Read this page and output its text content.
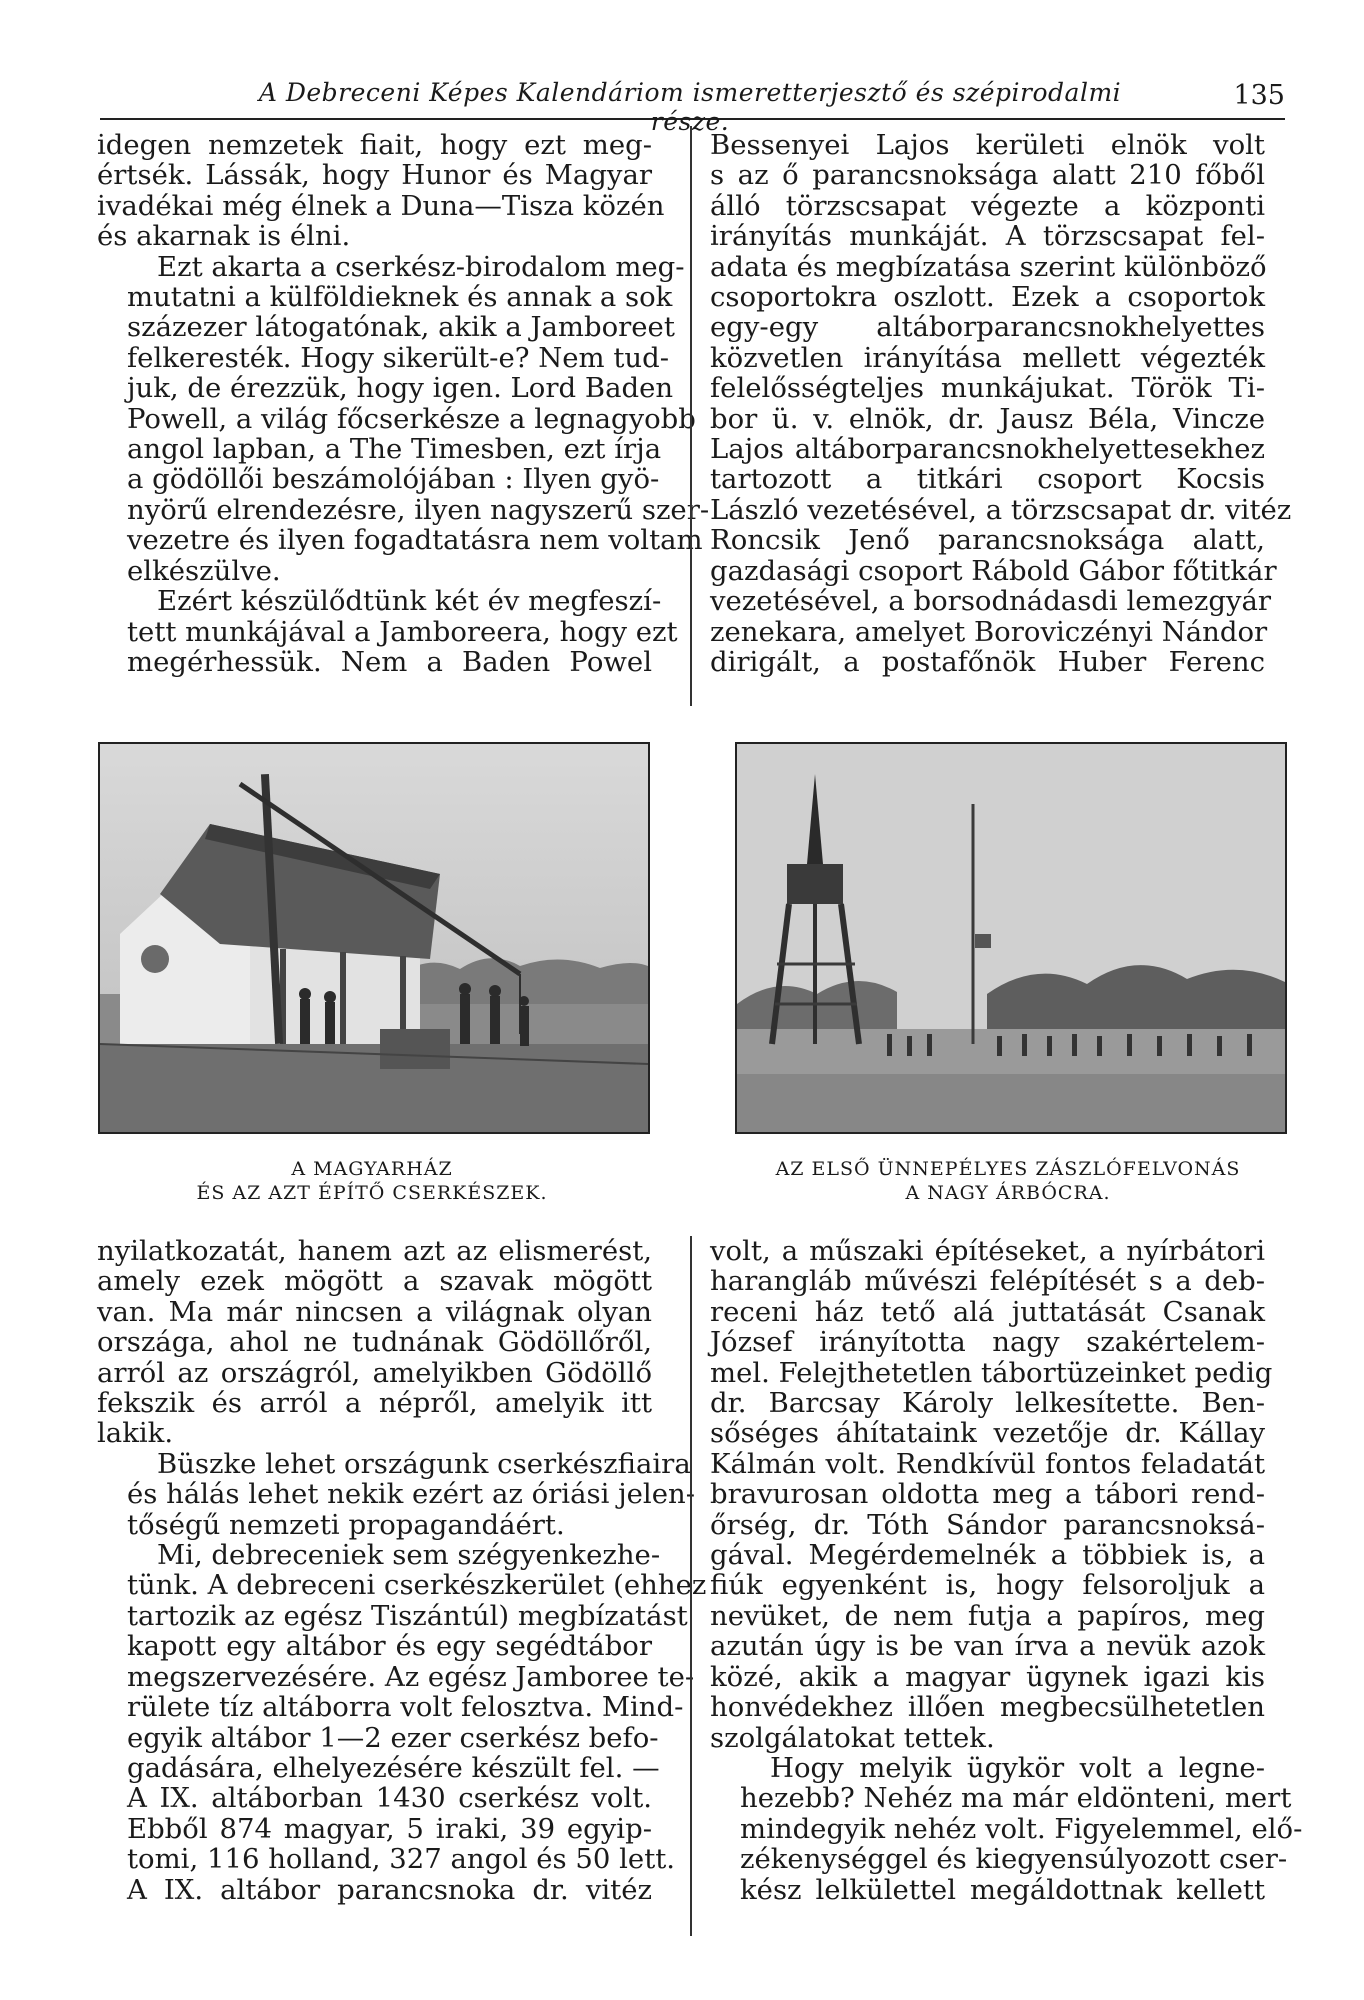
A Debreceni Képes Kalendáriom ismeretterjesztő és szépirodalmi része.
135

idegen nemzetek fiait, hogy ezt meg-
értsék. Lássák, hogy Hunor és Magyar
ivadékai még élnek a Duna—Tisza közén
és akarnak is élni.

Ezt akarta a cserkész-birodalom meg-
mutatni a külföldieknek és annak a sok
százezer látogatónak, akik a Jamboreet
felkeresték. Hogy sikerült-e? Nem tud-
juk, de érezzük, hogy igen. Lord Baden
Powell, a világ főcserkésze a legnagyobb
angol lapban, a The Timesben, ezt írja
a gödöllői beszámolójában : Ilyen gyö-
nyörű elrendezésre, ilyen nagyszerű szer-
vezetre és ilyen fogadtatásra nem voltam
elkészülve.

Ezért készülődtünk két év megfeszí-
tett munkájával a Jamboreera, hogy ezt
megérhessük. Nem a Baden Powel

Bessenyei Lajos kerületi elnök volt
s az ő parancsnoksága alatt 210 főből
álló törzscsapat végezte a központi
irányítás munkáját. A törzscsapat fel-
adata és megbízatása szerint különböző
csoportokra oszlott. Ezek a csoportok
egy-egy altáborparancsnokhelyettes
közvetlen irányítása mellett végezték
felelősségteljes munkájukat. Török Ti-
bor ü. v. elnök, dr. Jausz Béla, Vincze
Lajos altáborparancsnokhelyettesekhez
tartozott a titkári csoport Kocsis
László vezetésével, a törzscsapat dr. vitéz
Roncsik Jenő parancsnoksága alatt,
gazdasági csoport Rábold Gábor főtitkár
vezetésével, a borsodnádasdi lemezgyár
zenekara, amelyet Boroviczényi Nándor
dirigált, a postafőnök Huber Ferenc

A MAGYARHÁZ
ÉS AZ AZT ÉPÍTŐ CSERKÉSZEK.
AZ ELSŐ ÜNNEPÉLYES ZÁSZLÓFELVONÁS
A NAGY ÁRBÓCRA.

nyilatkozatát, hanem azt az elismerést,
amely ezek mögött a szavak mögött
van. Ma már nincsen a világnak olyan
országa, ahol ne tudnának Gödöllőről,
arról az országról, amelyikben Gödöllő
fekszik és arról a népről, amelyik itt
lakik.

Büszke lehet országunk cserkészfiaira
és hálás lehet nekik ezért az óriási jelen-
tőségű nemzeti propagandáért.

Mi, debreceniek sem szégyenkezhe-
tünk. A debreceni cserkészkerület (ehhez
tartozik az egész Tiszántúl) megbízatást
kapott egy altábor és egy segédtábor
megszervezésére. Az egész Jamboree te-
rülete tíz altáborra volt felosztva. Mind-
egyik altábor 1—2 ezer cserkész befo-
gadására, elhelyezésére készült fel. —
A IX. altáborban 1430 cserkész volt.
Ebből 874 magyar, 5 iraki, 39 egyip-
tomi, 116 holland, 327 angol és 50 lett.
A IX. altábor parancsnoka dr. vitéz

volt, a műszaki építéseket, a nyírbátori
harangláb művészi felépítését s a deb-
receni ház tető alá juttatását Csanak
József irányította nagy szakértelem-
mel. Felejthetetlen tábortüzeinket pedig
dr. Barcsay Károly lelkesítette. Ben-
sőséges áhítataink vezetője dr. Kállay
Kálmán volt. Rendkívül fontos feladatát
bravurosan oldotta meg a tábori rend-
őrség, dr. Tóth Sándor parancsnoksá-
gával. Megérdemelnék a többiek is, a
fiúk egyenként is, hogy felsoroljuk a
nevüket, de nem futja a papíros, meg
azután úgy is be van írva a nevük azok
közé, akik a magyar ügynek igazi kis
honvédekhez illően megbecsülhetetlen
szolgálatokat tettek.

Hogy melyik ügykör volt a legne-
hezebb? Nehéz ma már eldönteni, mert
mindegyik nehéz volt. Figyelemmel, elő-
zékenységgel és kiegyensúlyozott cser-
kész lelkülettel megáldottnak kellett
